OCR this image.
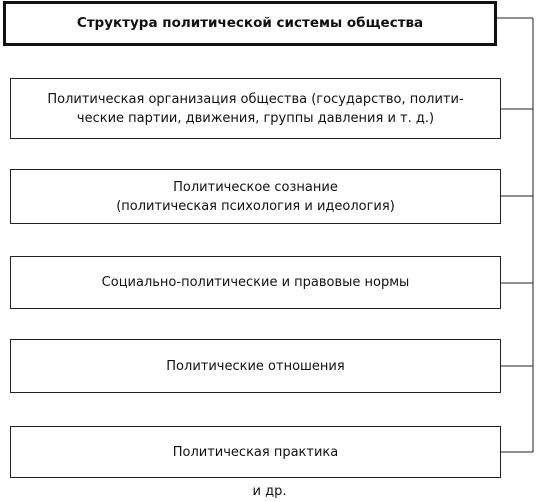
Структура политической системы общества
Политическая организация общества (государство, полити-
ческие партии, движения, группы давления и т. д.)
Политическое сознание
(политическая психология и идеология)
Социально-политические и правовые нормы
Политические отношения
Политическая практика
и др.
